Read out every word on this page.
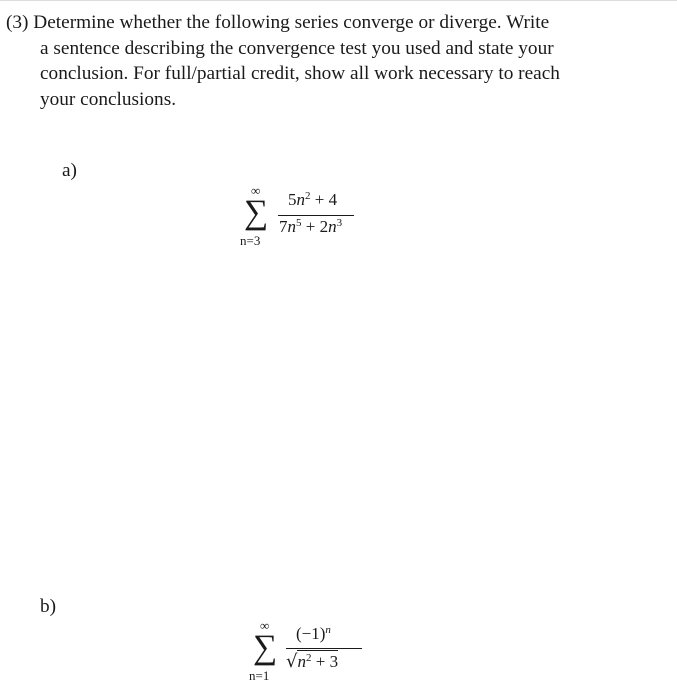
(3) Determine whether the following series converge or diverge. Write
a sentence describing the convergence test you used and state your
conclusion. For full/partial credit, show all work necessary to reach
your conclusions.
a)
∞
∑
n=3
$5n^2 + 4$
$7n^5 + 2n^3$
b)
∞
∑
n=1
$(-1)^n$
$√n^2 + 3$
